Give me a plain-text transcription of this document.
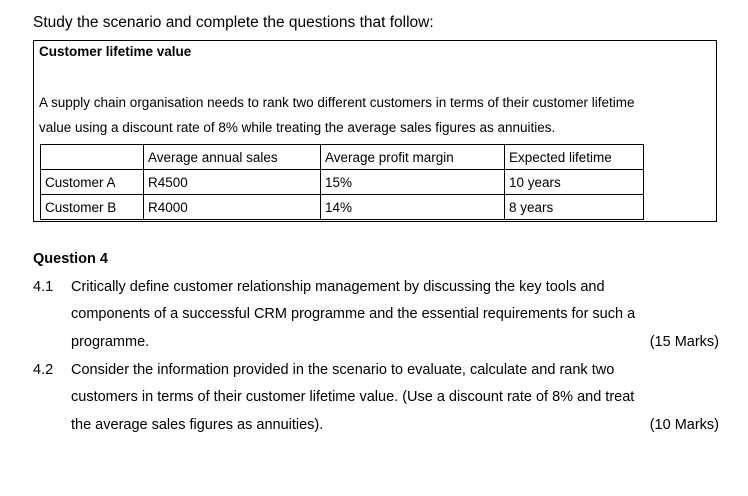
Study the scenario and complete the questions that follow:
Customer lifetime value
A supply chain organisation needs to rank two different customers in terms of their customer lifetime
value using a discount rate of 8% while treating the average sales figures as annuities.
	Average annual sales	Average profit margin	Expected lifetime
Customer A	R4500	15%	10 years
Customer B	R4000	14%	8 years
Question 4
4.1 Critically define customer relationship management by discussing the key tools and
components of a successful CRM programme and the essential requirements for such a
programme.	(15 Marks)
4.2 Consider the information provided in the scenario to evaluate, calculate and rank two
customers in terms of their customer lifetime value. (Use a discount rate of 8% and treat
the average sales figures as annuities).	(10 Marks)
